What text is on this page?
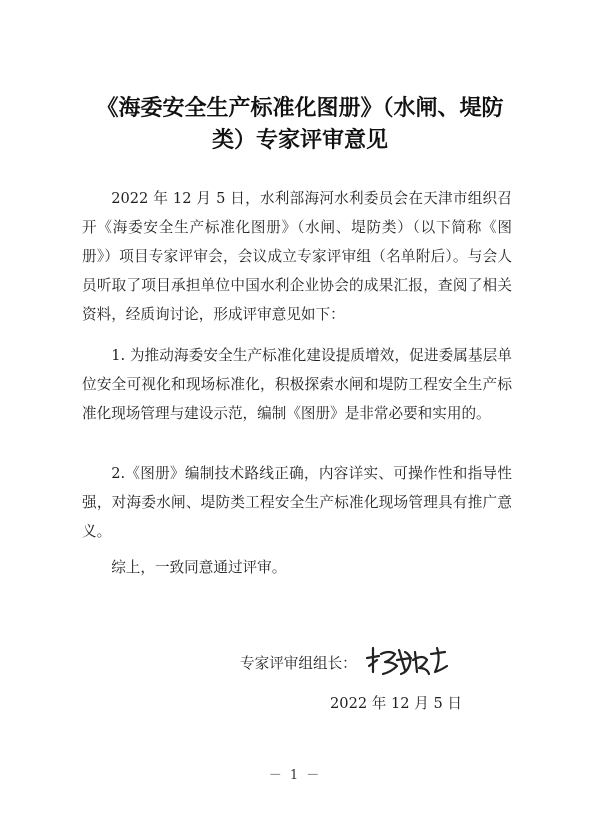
《海委安全生产标准化图册》（水闸、堤防
类）专家评审意见

2022 年 12 月 5 日，水利部海河水利委员会在天津市组织召开《海委安全生产标准化图册》（水闸、堤防类）（以下简称《图册》）项目专家评审会，会议成立专家评审组（名单附后）。与会人员听取了项目承担单位中国水利企业协会的成果汇报，查阅了相关资料，经质询讨论，形成评审意见如下：

1. 为推动海委安全生产标准化建设提质增效，促进委属基层单位安全可视化和现场标准化，积极探索水闸和堤防工程安全生产标准化现场管理与建设示范，编制《图册》是非常必要和实用的。

2.《图册》编制技术路线正确，内容详实、可操作性和指导性强，对海委水闸、堤防类工程安全生产标准化现场管理具有推广意义。

综上，一致同意通过评审。

专家评审组组长：
2022 年 12 月 5 日
－ 1 －
